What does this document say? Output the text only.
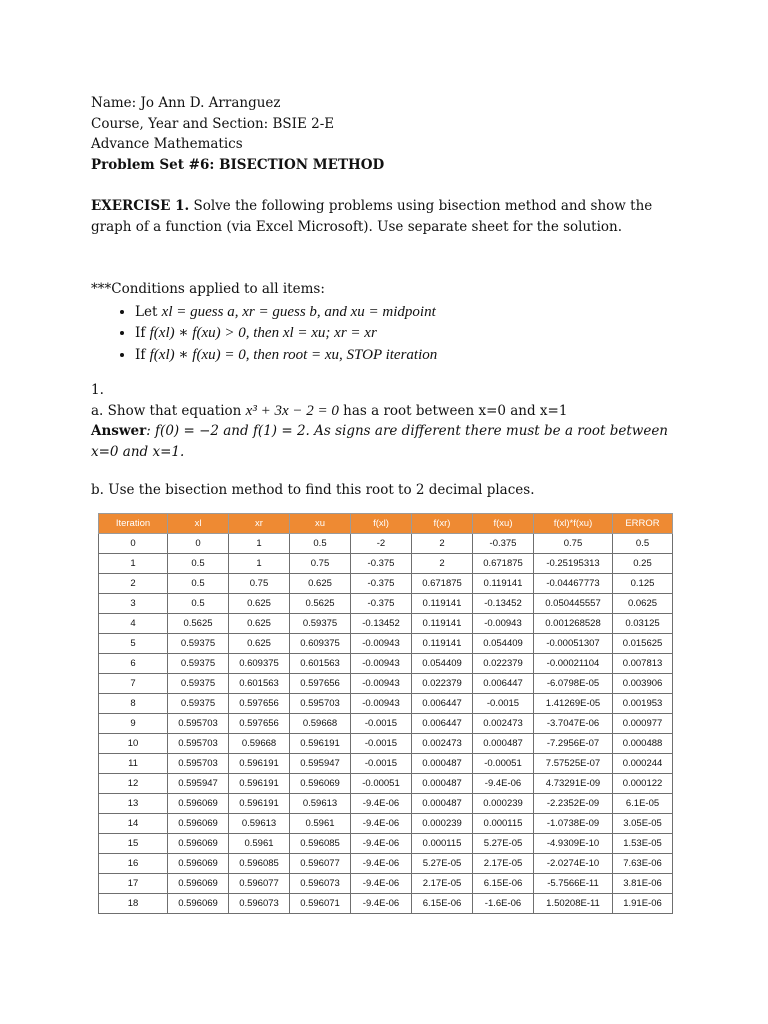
Name: Jo Ann D. Arranguez

Course, Year and Section: BSIE 2-E

Advance Mathematics

Problem Set #6: BISECTION METHOD

EXERCISE 1. Solve the following problems using bisection method and show the graph of a function (via Excel Microsoft). Use separate sheet for the solution.

***Conditions applied to all items:

• Let xl = guess a, xr = guess b, and xu = midpoint
• If f(xl) ∗ f(xu) > 0, then xl = xu; xr = xr
• If f(xl) ∗ f(xu) = 0, then root = xu, STOP iteration

1.

a. Show that equation x³ + 3x − 2 = 0 has a root between x=0 and x=1

Answer: f(0) = −2 and f(1) = 2. As signs are different there must be a root between x=0 and x=1.

b. Use the bisection method to find this root to 2 decimal places.

Iteration	xl	xr	xu	f(xl)	f(xr)	f(xu)	f(xl)*f(xu)	ERROR
0	0	1	0.5	-2	2	-0.375	0.75	0.5
1	0.5	1	0.75	-0.375	2	0.671875	-0.25195313	0.25
2	0.5	0.75	0.625	-0.375	0.671875	0.119141	-0.04467773	0.125
3	0.5	0.625	0.5625	-0.375	0.119141	-0.13452	0.050445557	0.0625
4	0.5625	0.625	0.59375	-0.13452	0.119141	-0.00943	0.001268528	0.03125
5	0.59375	0.625	0.609375	-0.00943	0.119141	0.054409	-0.00051307	0.015625
6	0.59375	0.609375	0.601563	-0.00943	0.054409	0.022379	-0.00021104	0.007813
7	0.59375	0.601563	0.597656	-0.00943	0.022379	0.006447	-6.0798E-05	0.003906
8	0.59375	0.597656	0.595703	-0.00943	0.006447	-0.0015	1.41269E-05	0.001953
9	0.595703	0.597656	0.59668	-0.0015	0.006447	0.002473	-3.7047E-06	0.000977
10	0.595703	0.59668	0.596191	-0.0015	0.002473	0.000487	-7.2956E-07	0.000488
11	0.595703	0.596191	0.595947	-0.0015	0.000487	-0.00051	7.57525E-07	0.000244
12	0.595947	0.596191	0.596069	-0.00051	0.000487	-9.4E-06	4.73291E-09	0.000122
13	0.596069	0.596191	0.59613	-9.4E-06	0.000487	0.000239	-2.2352E-09	6.1E-05
14	0.596069	0.59613	0.5961	-9.4E-06	0.000239	0.000115	-1.0738E-09	3.05E-05
15	0.596069	0.5961	0.596085	-9.4E-06	0.000115	5.27E-05	-4.9309E-10	1.53E-05
16	0.596069	0.596085	0.596077	-9.4E-06	5.27E-05	2.17E-05	-2.0274E-10	7.63E-06
17	0.596069	0.596077	0.596073	-9.4E-06	2.17E-05	6.15E-06	-5.7566E-11	3.81E-06
18	0.596069	0.596073	0.596071	-9.4E-06	6.15E-06	-1.6E-06	1.50208E-11	1.91E-06
